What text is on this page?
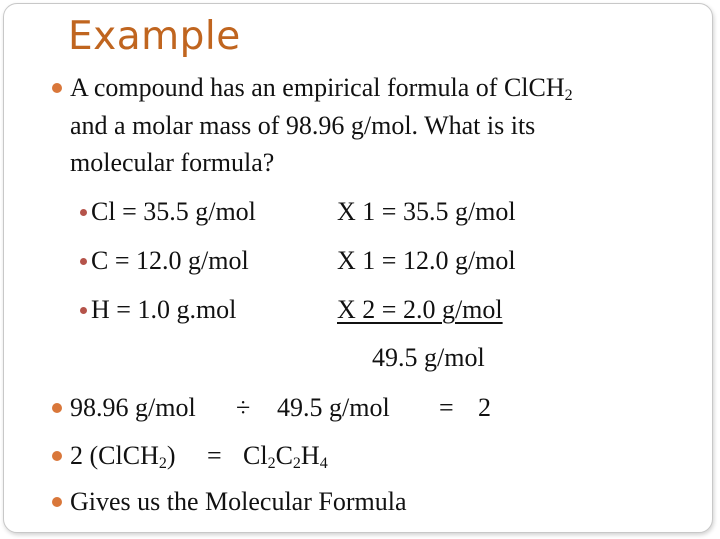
Example
A compound has an empirical formula of ClCH$_2$
and a molar mass of 98.96 g/mol. What is its
molecular formula?
Cl = 35.5 g/mol	X 1 = 35.5 g/mol
C = 12.0 g/mol	X 1 = 12.0 g/mol
H = 1.0 g.mol	X 2 = 2.0 g/mol
49.5 g/mol
98.96 g/mol ÷ 49.5 g/mol = 2
2 (ClCH$_2$) = $Cl_2C_2H_4$
Gives us the Molecular Formula
